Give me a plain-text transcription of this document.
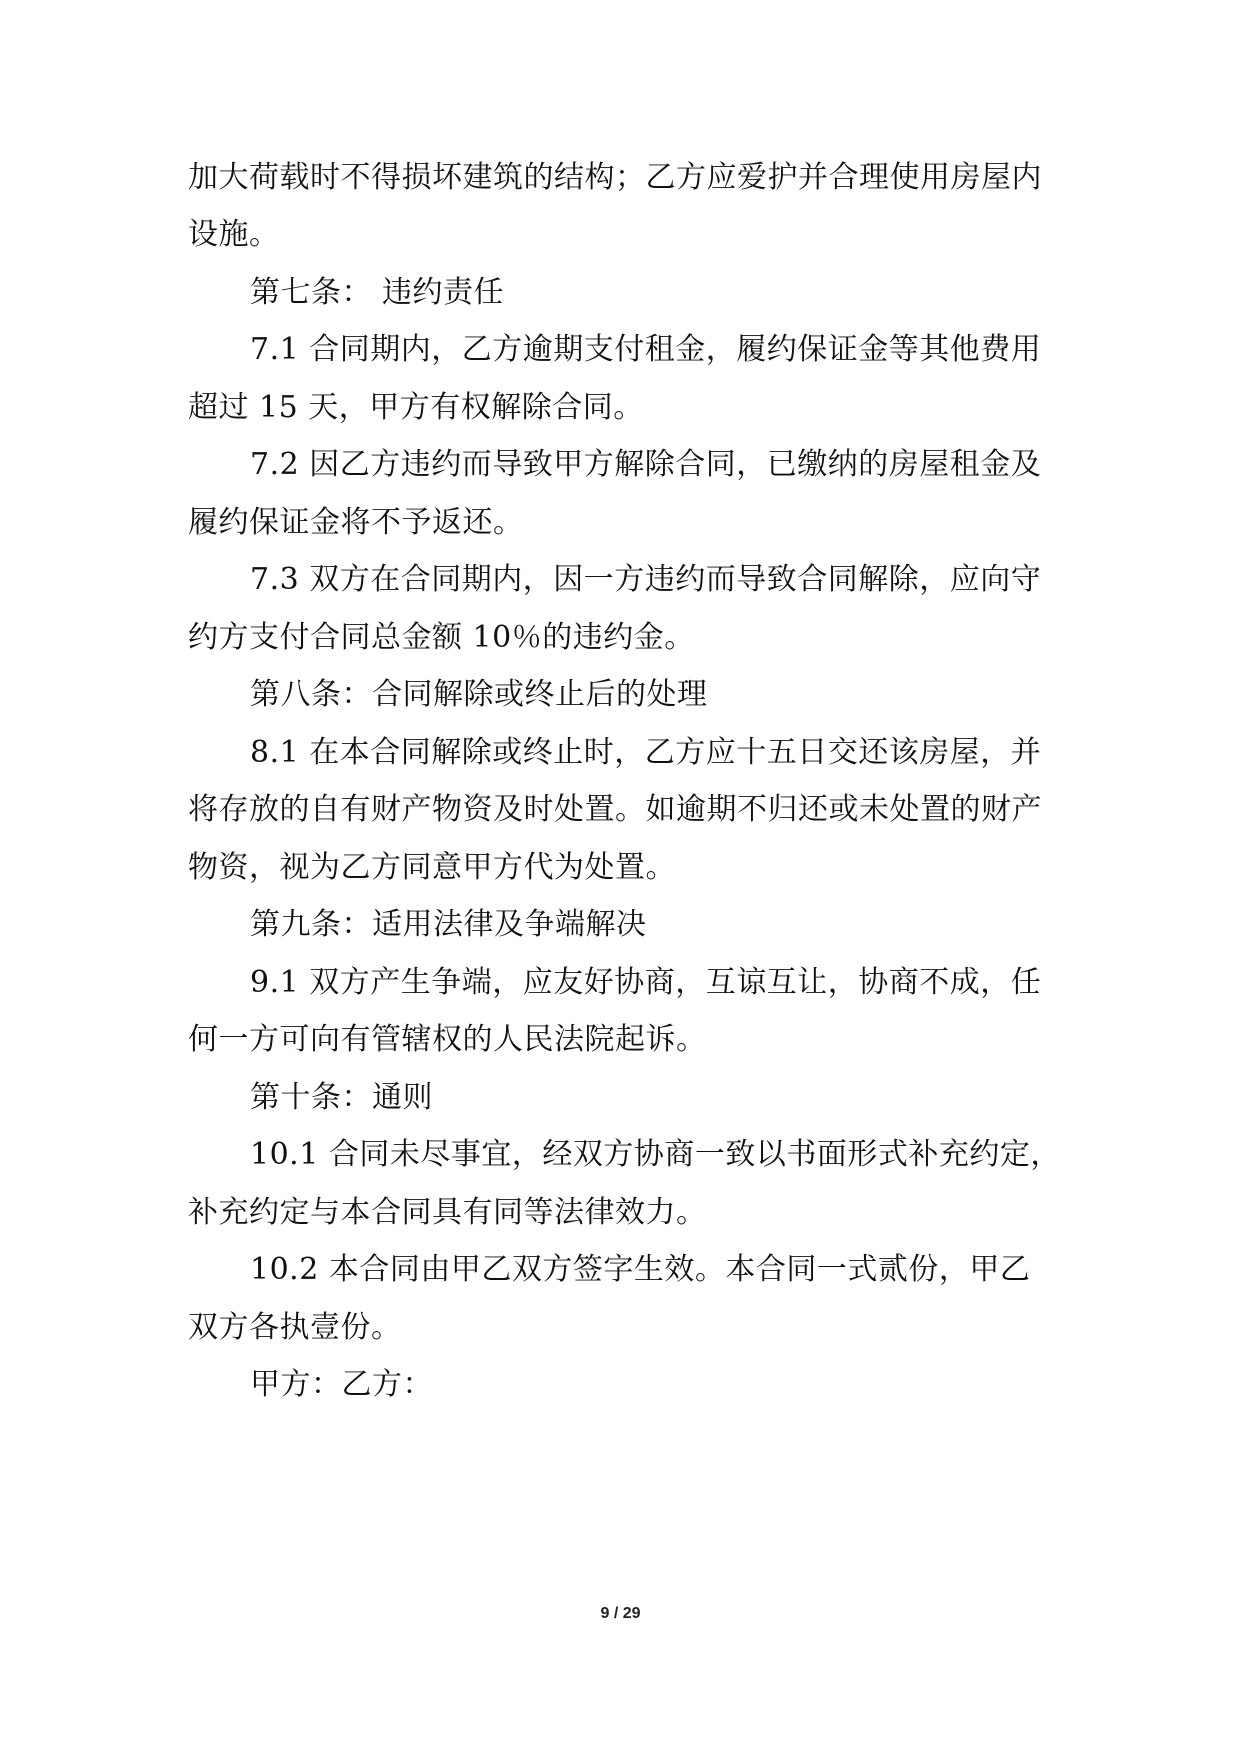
加大荷载时不得损坏建筑的结构；乙方应爱护并合理使用房屋内
设施。
第七条： 违约责任
7.1 合同期内，乙方逾期支付租金，履约保证金等其他费用
超过 15 天，甲方有权解除合同。
7.2 因乙方违约而导致甲方解除合同，已缴纳的房屋租金及
履约保证金将不予返还。
7.3 双方在合同期内，因一方违约而导致合同解除，应向守
约方支付合同总金额 10％的违约金。
第八条：合同解除或终止后的处理
8.1 在本合同解除或终止时，乙方应十五日交还该房屋，并
将存放的自有财产物资及时处置。如逾期不归还或未处置的财产
物资，视为乙方同意甲方代为处置。
第九条：适用法律及争端解决
9.1 双方产生争端，应友好协商，互谅互让，协商不成，任
何一方可向有管辖权的人民法院起诉。
第十条：通则
10.1 合同未尽事宜，经双方协商一致以书面形式补充约定，
补充约定与本合同具有同等法律效力。
10.2 本合同由甲乙双方签字生效。本合同一式贰份，甲乙
双方各执壹份。
甲方：乙方：
9 / 29
